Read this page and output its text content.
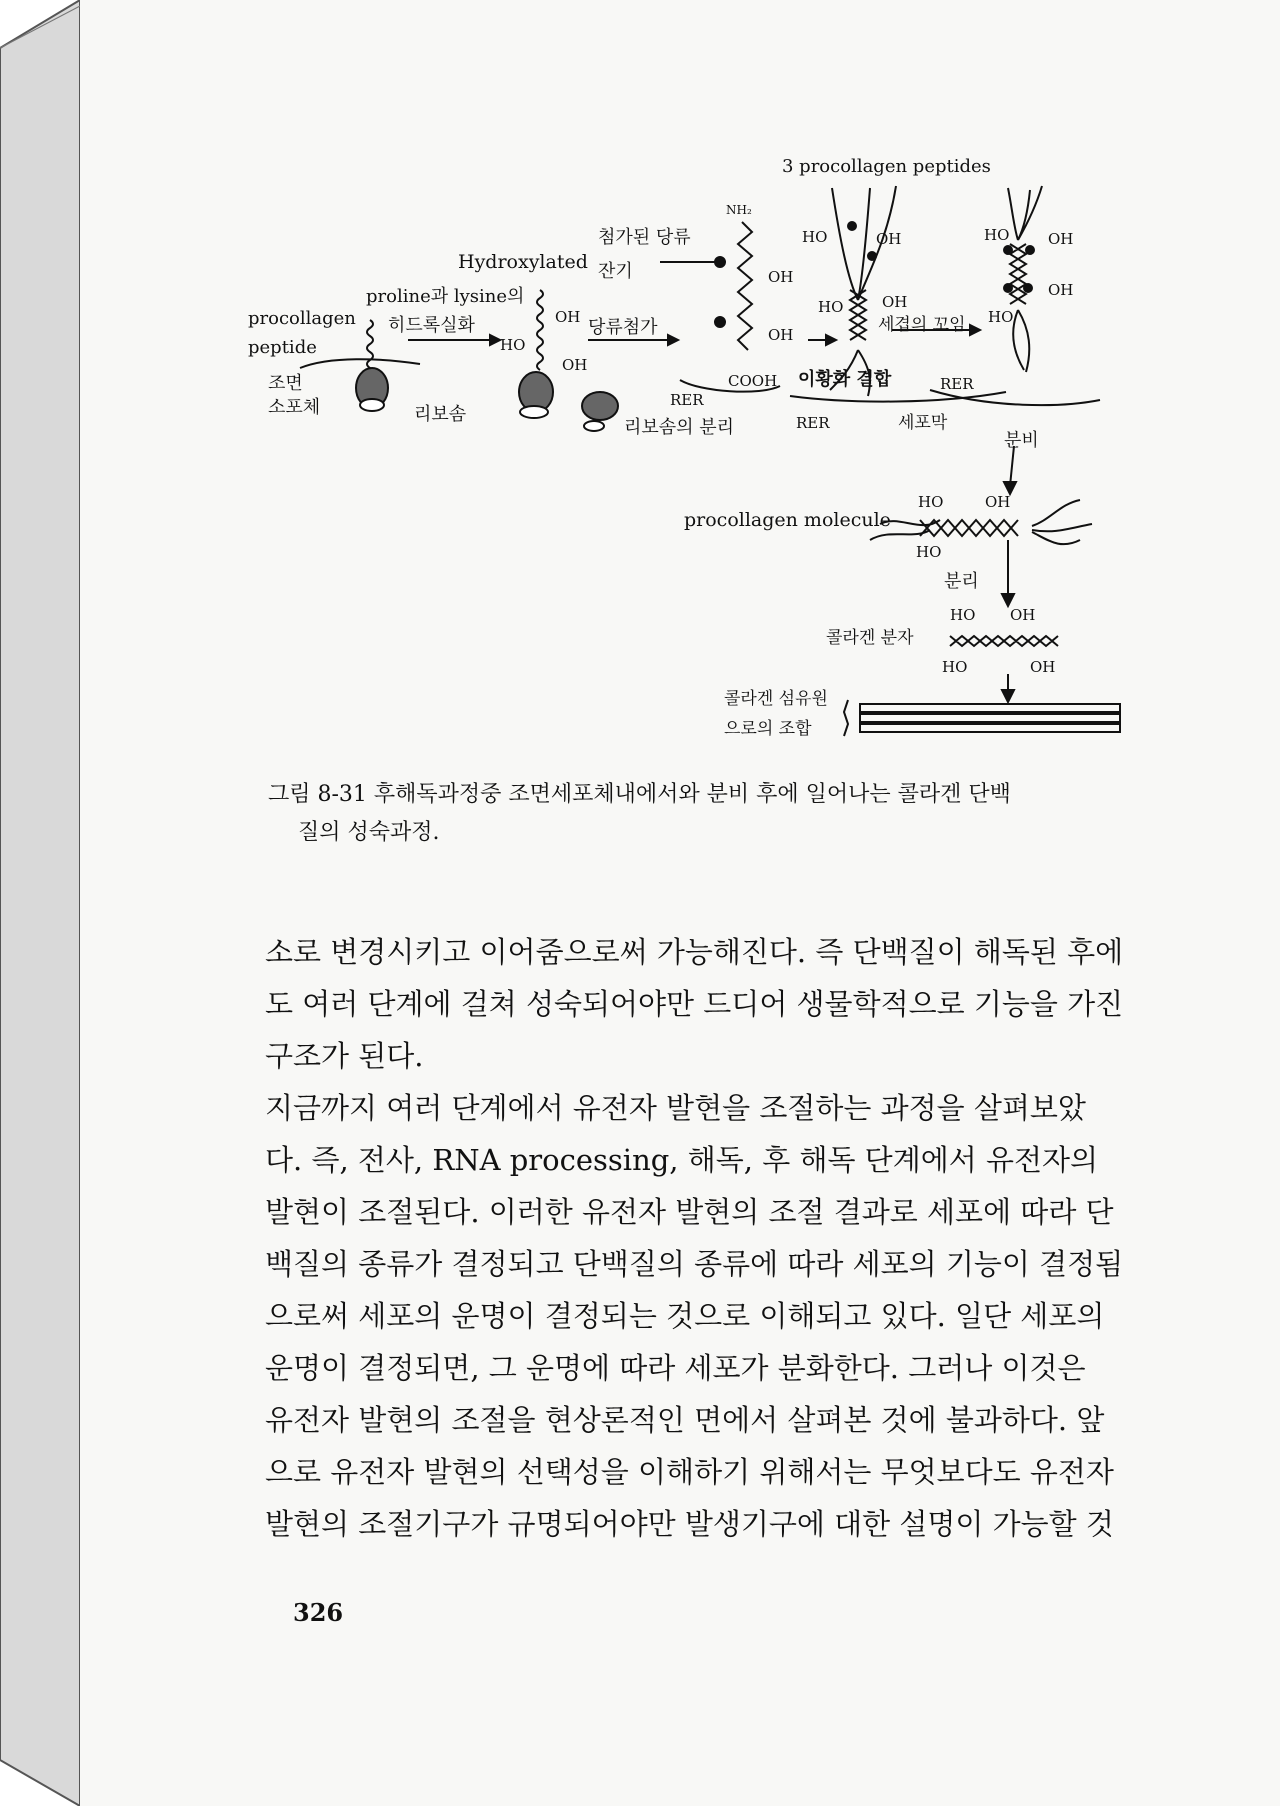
3 procollagen peptides
NH₂
첨가된 당류
잔기
Hydroxylated
proline과 lysine의
히드록실화
procollagen
peptide
조면
소포체	리보솜
당류첨가
리보솜의 분리
RER
COOH 이황화 결합
RER
세겹의 꼬임
RER
세포막
분비
procollagen molecule
분리
콜라겐 분자
콜라겐 섬유원
으로의 조합
OH
HO
OH
OH
OH
HO	OH
HO	OH
HO	OH
OH
HO
HO	OH
HO
HO OH
HO	OH
그림 8-31 후해독과정중 조면세포체내에서와 분비 후에 일어나는 콜라겐 단백
질의 성숙과정.
소로 변경시키고 이어줌으로써 가능해진다. 즉 단백질이 해독된 후에
도 여러 단계에 걸쳐 성숙되어야만 드디어 생물학적으로 기능을 가진
구조가 된다.
지금까지 여러 단계에서 유전자 발현을 조절하는 과정을 살펴보았
다. 즉, 전사, RNA processing, 해독, 후 해독 단계에서 유전자의
발현이 조절된다. 이러한 유전자 발현의 조절 결과로 세포에 따라 단
백질의 종류가 결정되고 단백질의 종류에 따라 세포의 기능이 결정됨
으로써 세포의 운명이 결정되는 것으로 이해되고 있다. 일단 세포의
운명이 결정되면, 그 운명에 따라 세포가 분화한다. 그러나 이것은
유전자 발현의 조절을 현상론적인 면에서 살펴본 것에 불과하다. 앞
으로 유전자 발현의 선택성을 이해하기 위해서는 무엇보다도 유전자
발현의 조절기구가 규명되어야만 발생기구에 대한 설명이 가능할 것
326
